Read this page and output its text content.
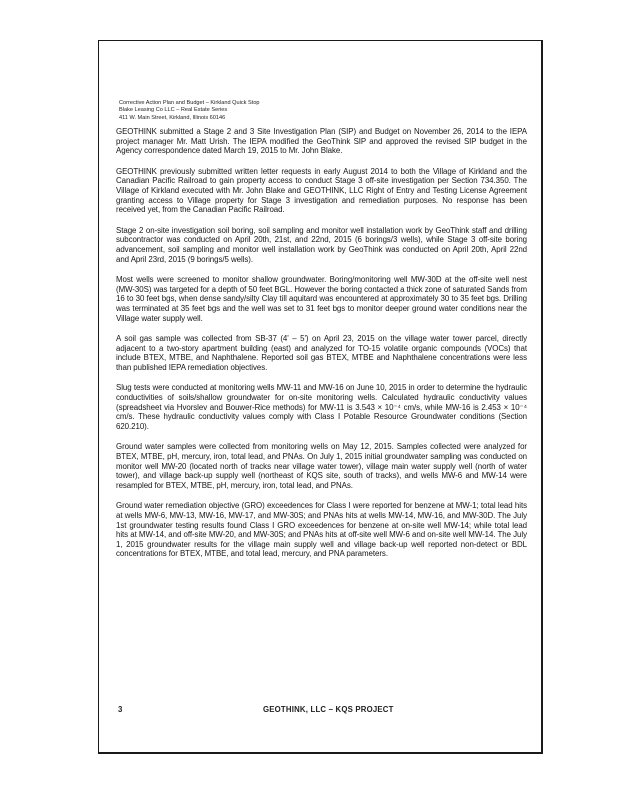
Corrective Action Plan and Budget – Kirkland Quick Stop
Blake Leasing Co LLC – Real Estate Series
411 W. Main Street, Kirkland, Illinois 60146

GEOTHINK submitted a Stage 2 and 3 Site Investigation Plan (SIP) and Budget on November 26, 2014 to the IEPA project manager Mr. Matt Urish. The IEPA modified the GeoThink SIP and approved the revised SIP budget in the Agency correspondence dated March 19, 2015 to Mr. John Blake.

GEOTHINK previously submitted written letter requests in early August 2014 to both the Village of Kirkland and the Canadian Pacific Railroad to gain property access to conduct Stage 3 off-site investigation per Section 734.350. The Village of Kirkland executed with Mr. John Blake and GEOTHINK, LLC Right of Entry and Testing License Agreement granting access to Village property for Stage 3 investigation and remediation purposes. No response has been received yet, from the Canadian Pacific Railroad.

Stage 2 on-site investigation soil boring, soil sampling and monitor well installation work by GeoThink staff and drilling subcontractor was conducted on April 20th, 21st, and 22nd, 2015 (6 borings/3 wells), while Stage 3 off-site boring advancement, soil sampling and monitor well installation work by GeoThink was conducted on April 20th, April 22nd and April 23rd, 2015 (9 borings/5 wells).

Most wells were screened to monitor shallow groundwater. Boring/monitoring well MW-30D at the off-site well nest (MW-30S) was targeted for a depth of 50 feet BGL. However the boring contacted a thick zone of saturated Sands from 16 to 30 feet bgs, when dense sandy/silty Clay till aquitard was encountered at approximately 30 to 35 feet bgs. Drilling was terminated at 35 feet bgs and the well was set to 31 feet bgs to monitor deeper ground water conditions near the Village water supply well.

A soil gas sample was collected from SB-37 (4' – 5') on April 23, 2015 on the village water tower parcel, directly adjacent to a two-story apartment building (east) and analyzed for TO-15 volatile organic compounds (VOCs) that include BTEX, MTBE, and Naphthalene. Reported soil gas BTEX, MTBE and Naphthalene concentrations were less than published IEPA remediation objectives.

Slug tests were conducted at monitoring wells MW-11 and MW-16 on June 10, 2015 in order to determine the hydraulic conductivities of soils/shallow groundwater for on-site monitoring wells. Calculated hydraulic conductivity values (spreadsheet via Hvorslev and Bouwer-Rice methods) for MW-11 is 3.543 × 10⁻⁴ cm/s, while MW-16 is 2.453 × 10⁻⁴ cm/s. These hydraulic conductivity values comply with Class I Potable Resource Groundwater conditions (Section 620.210).

Ground water samples were collected from monitoring wells on May 12, 2015. Samples collected were analyzed for BTEX, MTBE, pH, mercury, iron, total lead, and PNAs. On July 1, 2015 initial groundwater sampling was conducted on monitor well MW-20 (located north of tracks near village water tower), village main water supply well (north of water tower), and village back-up supply well (northeast of KQS site, south of tracks), and wells MW-6 and MW-14 were resampled for BTEX, MTBE, pH, mercury, iron, total lead, and PNAs.

Ground water remediation objective (GRO) exceedences for Class I were reported for benzene at MW-1; total lead hits at wells MW-6, MW-13, MW-16, MW-17, and MW-30S; and PNAs hits at wells MW-14, MW-16, and MW-30D. The July 1st groundwater testing results found Class I GRO exceedences for benzene at on-site well MW-14; while total lead hits at MW-14, and off-site MW-20, and MW-30S; and PNAs hits at off-site well MW-6 and on-site well MW-14. The July 1, 2015 groundwater results for the village main supply well and village back-up well reported non-detect or BDL concentrations for BTEX, MTBE, and total lead, mercury, and PNA parameters.

3	GEOTHINK, LLC – KQS PROJECT
